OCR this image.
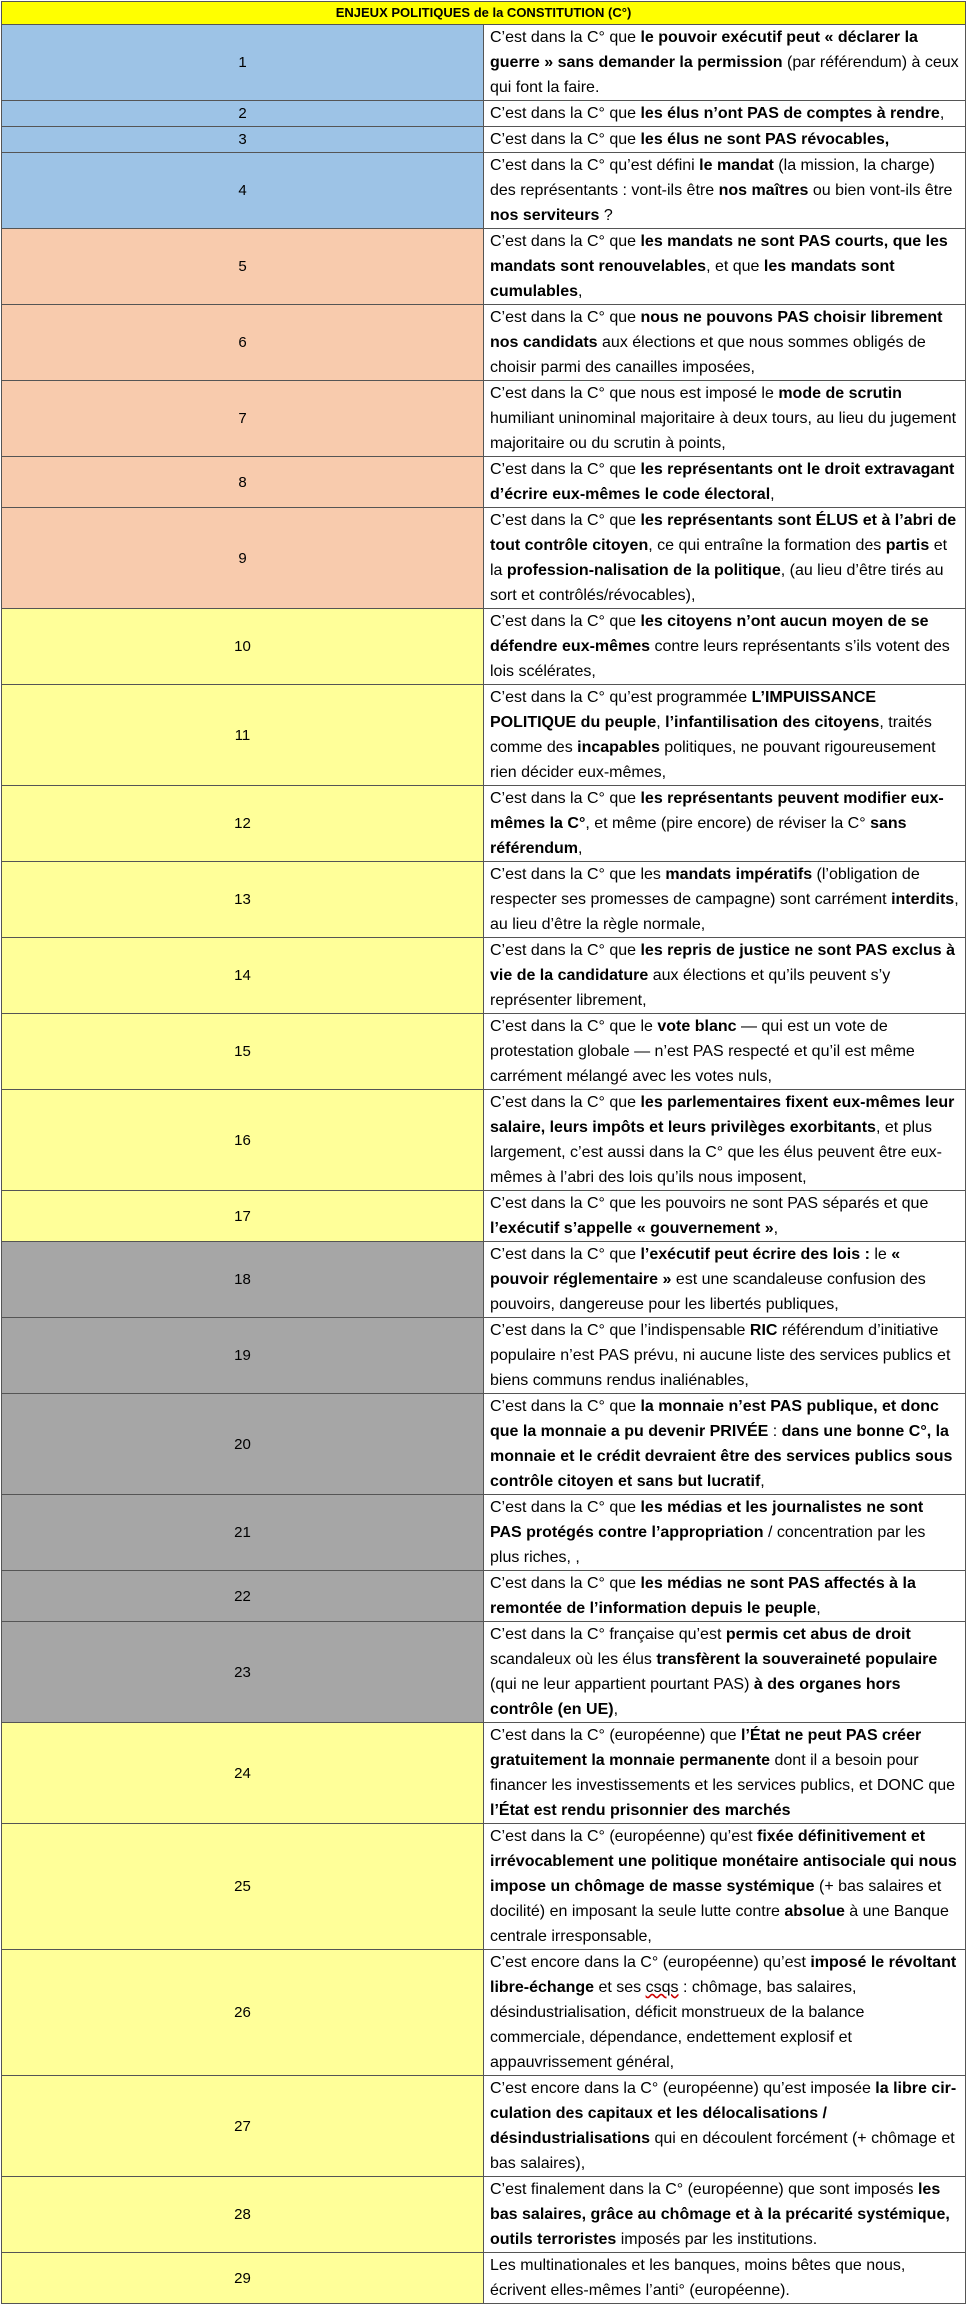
ENJEUX POLITIQUES de la CONSTITUTION (C°)	
1	C’est dans la C° que le pouvoir exécutif peut « déclarer la guerre » sans demander la permission (par référendum) à ceux qui font la faire.
2	C’est dans la C° que les élus n’ont PAS de comptes à rendre,
3	C’est dans la C° que les élus ne sont PAS révocables,
4	C’est dans la C° qu’est défini le mandat (la mission, la charge) des représentants : vont-ils être nos maîtres ou bien vont-ils être nos serviteurs ?
5	C’est dans la C° que les mandats ne sont PAS courts, que les mandats sont renouvelables, et que les mandats sont cumulables,
6	C’est dans la C° que nous ne pouvons PAS choisir librement nos candidats aux élections et que nous sommes obligés de choisir parmi des canailles imposées,
7	C’est dans la C° que nous est imposé le mode de scrutin humiliant uninominal majoritaire à deux tours, au lieu du jugement majoritaire ou du scrutin à points,
8	C’est dans la C° que les représentants ont le droit extravagant d’écrire eux-mêmes le code électoral,
9	C’est dans la C° que les représentants sont ÉLUS et à l’abri de tout contrôle citoyen, ce qui entraîne la formation des partis et la profession-nalisation de la politique, (au lieu d’être tirés au sort et contrôlés/révocables),
10	C’est dans la C° que les citoyens n’ont aucun moyen de se défendre eux-mêmes contre leurs représentants s’ils votent des lois scélérates,
11	C’est dans la C° qu’est programmée L’IMPUISSANCE POLITIQUE du peuple, l’infantilisation des citoyens, traités comme des incapables politiques, ne pouvant rigoureusement rien décider eux-mêmes,
12	C’est dans la C° que les représentants peuvent modifier eux-mêmes la C°, et même (pire encore) de réviser la C° sans référendum,
13	C’est dans la C° que les mandats impératifs (l’obligation de respecter ses promesses de campagne) sont carrément interdits, au lieu d’être la règle normale,
14	C’est dans la C° que les repris de justice ne sont PAS exclus à vie de la candidature aux élections et qu’ils peuvent s’y représenter librement,
15	C’est dans la C° que le vote blanc — qui est un vote de protestation globale — n’est PAS respecté et qu’il est même carrément mélangé avec les votes nuls,
16	C’est dans la C° que les parlementaires fixent eux-mêmes leur salaire, leurs impôts et leurs privilèges exorbitants, et plus largement, c’est aussi dans la C° que les élus peuvent être eux-mêmes à l’abri des lois qu’ils nous imposent,
17	C’est dans la C° que les pouvoirs ne sont PAS séparés et que l’exécutif s’appelle « gouvernement »,
18	C’est dans la C° que l’exécutif peut écrire des lois : le « pouvoir réglementaire » est une scandaleuse confusion des pouvoirs, dangereuse pour les libertés publiques,
19	C’est dans la C° que l’indispensable RIC référendum d’initiative populaire n’est PAS prévu, ni aucune liste des services publics et biens communs rendus inaliénables,
20	C’est dans la C° que la monnaie n’est PAS publique, et donc que la monnaie a pu devenir PRIVÉE : dans une bonne C°, la monnaie et le crédit devraient être des services publics sous contrôle citoyen et sans but lucratif,
21	C’est dans la C° que les médias et les journalistes ne sont PAS protégés contre l’appropriation / concentration par les plus riches, ,
22	C’est dans la C° que les médias ne sont PAS affectés à la remontée de l’information depuis le peuple,
23	C’est dans la C° française qu’est permis cet abus de droit scandaleux où les élus transfèrent la souveraineté populaire (qui ne leur appartient pourtant PAS) à des organes hors contrôle (en UE),
24	C’est dans la C° (européenne) que l’État ne peut PAS créer gratuitement la monnaie permanente dont il a besoin pour financer les investissements et les services publics, et DONC que l’État est rendu prisonnier des marchés
25	C’est dans la C° (européenne) qu’est fixée définitivement et irrévocablement une politique monétaire antisociale qui nous impose un chômage de masse systémique (+ bas salaires et docilité) en imposant la seule lutte contre absolue à une Banque centrale irresponsable,
26	C’est encore dans la C° (européenne) qu’est imposé le révoltant libre-échange et ses csqs : chômage, bas salaires, désindustrialisation, déficit monstrueux de la balance commerciale, dépendance, endettement explosif et appauvrissement général,
27	C’est encore dans la C° (européenne) qu’est imposée la libre cir-culation des capitaux et les délocalisations / désindustrialisations qui en découlent forcément (+ chômage et bas salaires),
28	C’est finalement dans la C° (européenne) que sont imposés les bas salaires, grâce au chômage et à la précarité systémique, outils terroristes imposés par les institutions.
29	Les multinationales et les banques, moins bêtes que nous, écrivent elles-mêmes l’anti° (européenne).
